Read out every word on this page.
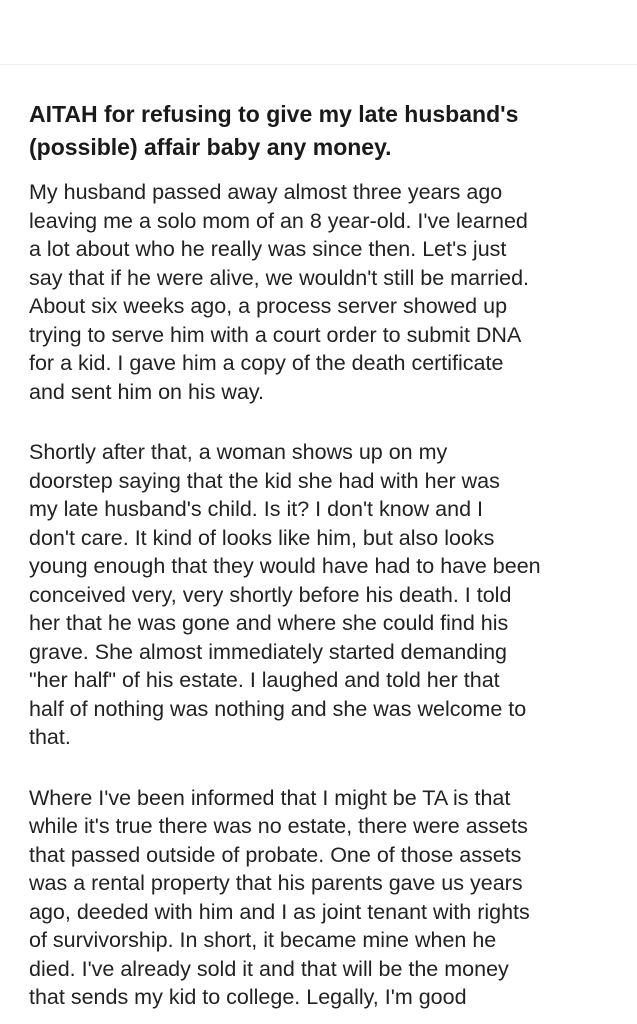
AITAH for refusing to give my late husband's
(possible) affair baby any money.

My husband passed away almost three years ago
leaving me a solo mom of an 8 year-old. I've learned
a lot about who he really was since then. Let's just
say that if he were alive, we wouldn't still be married.
About six weeks ago, a process server showed up
trying to serve him with a court order to submit DNA
for a kid. I gave him a copy of the death certificate
and sent him on his way.

Shortly after that, a woman shows up on my
doorstep saying that the kid she had with her was
my late husband's child. Is it? I don't know and I
don't care. It kind of looks like him, but also looks
young enough that they would have had to have been
conceived very, very shortly before his death. I told
her that he was gone and where she could find his
grave. She almost immediately started demanding
"her half" of his estate. I laughed and told her that
half of nothing was nothing and she was welcome to
that.

Where I've been informed that I might be TA is that
while it's true there was no estate, there were assets
that passed outside of probate. One of those assets
was a rental property that his parents gave us years
ago, deeded with him and I as joint tenant with rights
of survivorship. In short, it became mine when he
died. I've already sold it and that will be the money
that sends my kid to college. Legally, I'm good
